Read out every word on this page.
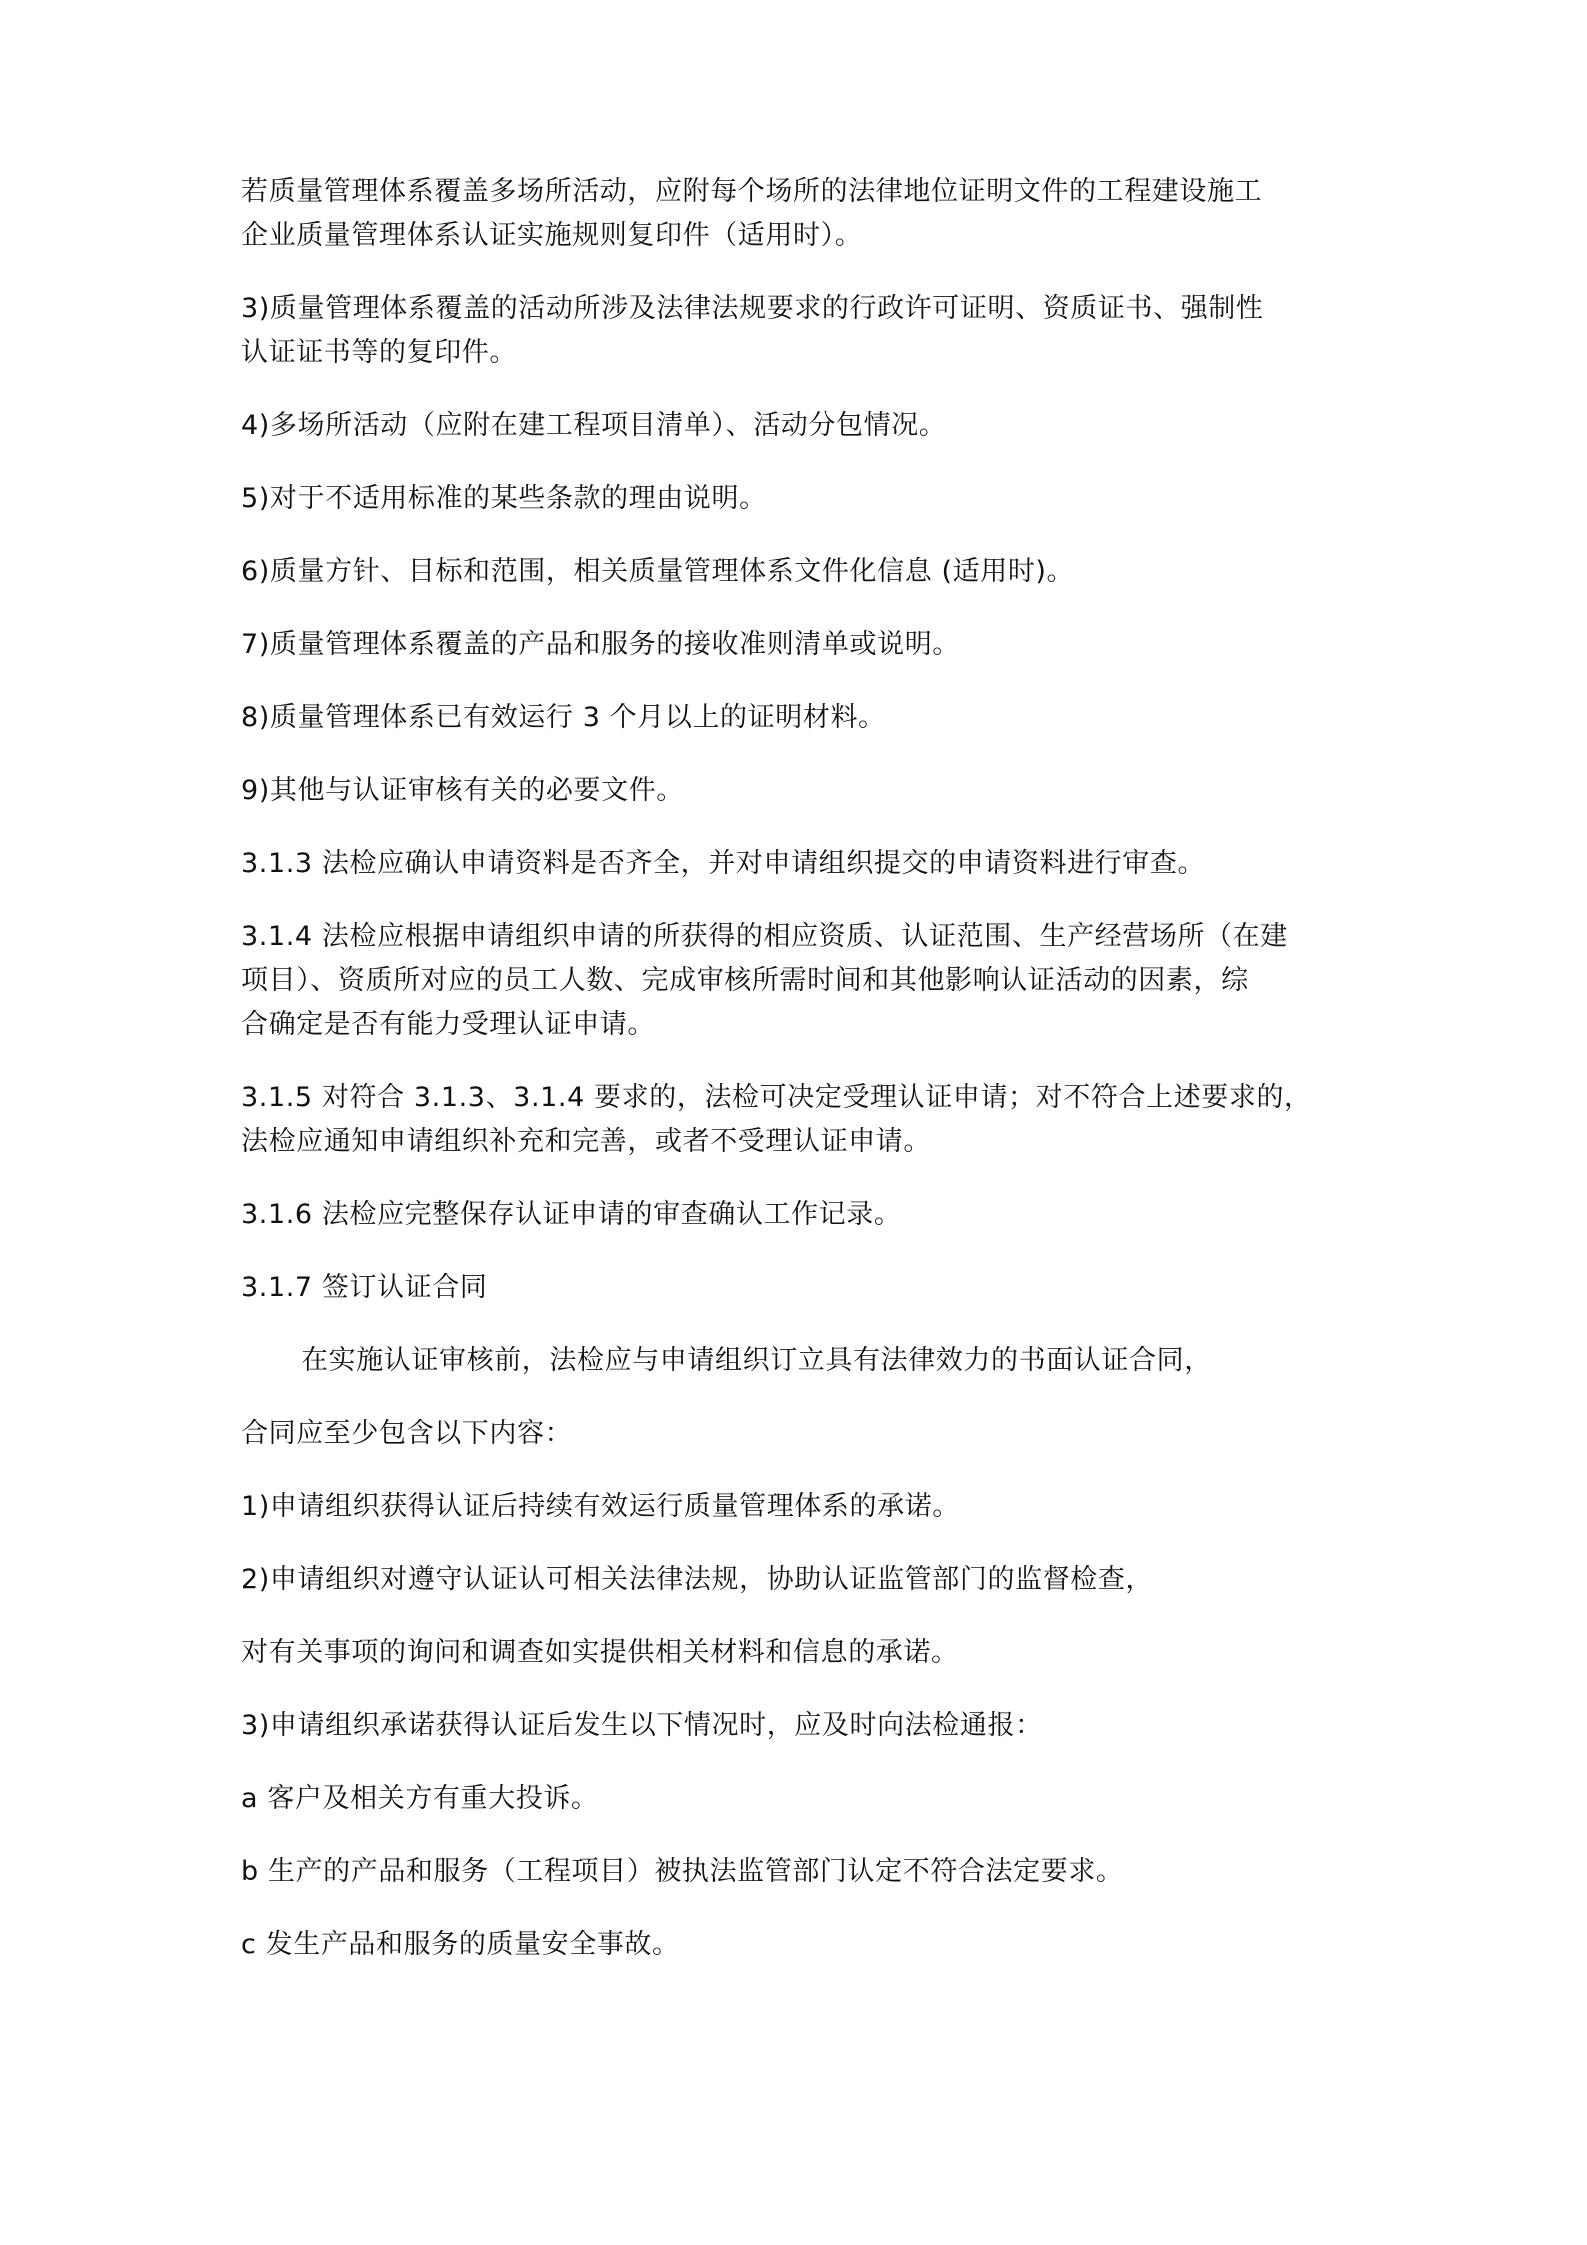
若质量管理体系覆盖多场所活动，应附每个场所的法律地位证明文件的工程建设施工
企业质量管理体系认证实施规则复印件（适用时）。
3)质量管理体系覆盖的活动所涉及法律法规要求的行政许可证明、资质证书、强制性
认证证书等的复印件。
4)多场所活动（应附在建工程项目清单）、活动分包情况。
5)对于不适用标准的某些条款的理由说明。
6)质量方针、目标和范围，相关质量管理体系文件化信息 (适用时)。
7)质量管理体系覆盖的产品和服务的接收准则清单或说明。
8)质量管理体系已有效运行 3 个月以上的证明材料。
9)其他与认证审核有关的必要文件。
3.1.3 法检应确认申请资料是否齐全，并对申请组织提交的申请资料进行审查。
3.1.4 法检应根据申请组织申请的所获得的相应资质、认证范围、生产经营场所（在建
项目）、资质所对应的员工人数、完成审核所需时间和其他影响认证活动的因素，综
合确定是否有能力受理认证申请。
3.1.5 对符合 3.1.3、3.1.4 要求的，法检可决定受理认证申请；对不符合上述要求的，
法检应通知申请组织补充和完善，或者不受理认证申请。
3.1.6 法检应完整保存认证申请的审查确认工作记录。
3.1.7 签订认证合同
在实施认证审核前，法检应与申请组织订立具有法律效力的书面认证合同，
合同应至少包含以下内容：
1)申请组织获得认证后持续有效运行质量管理体系的承诺。
2)申请组织对遵守认证认可相关法律法规，协助认证监管部门的监督检查，
对有关事项的询问和调查如实提供相关材料和信息的承诺。
3)申请组织承诺获得认证后发生以下情况时，应及时向法检通报：
a 客户及相关方有重大投诉。
b 生产的产品和服务（工程项目）被执法监管部门认定不符合法定要求。
c 发生产品和服务的质量安全事故。
